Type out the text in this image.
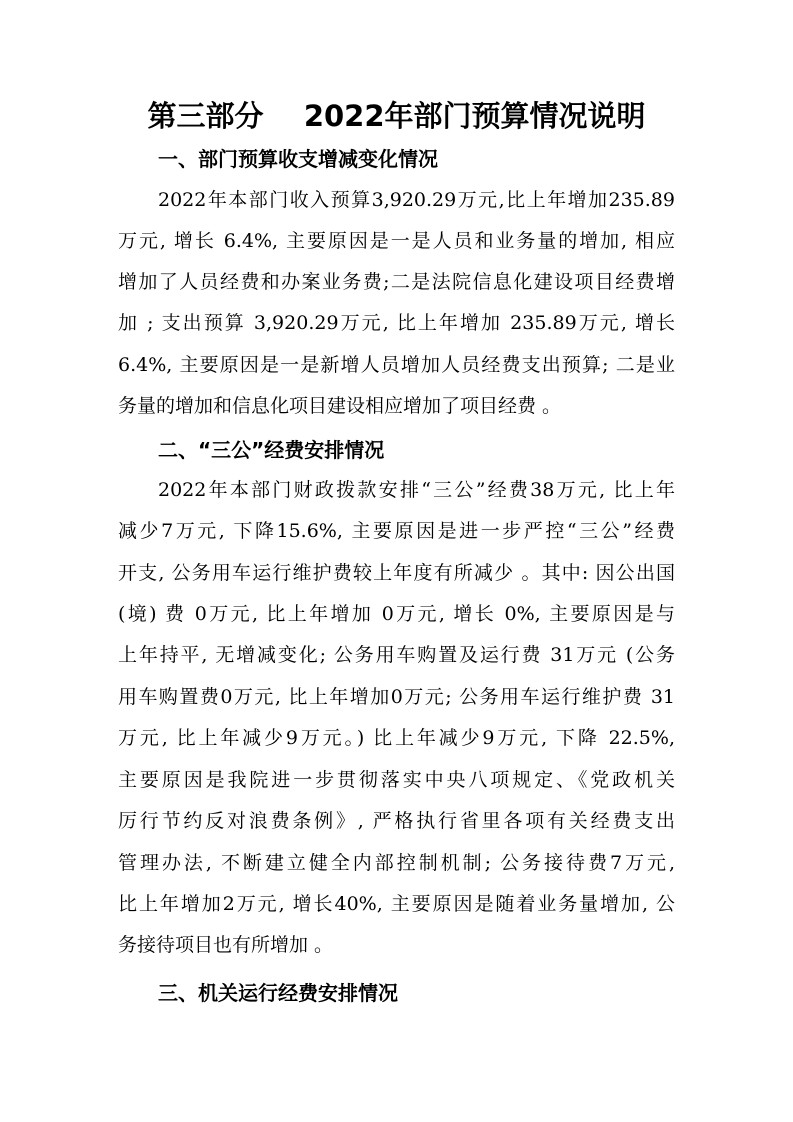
第三部分    2022年部门预算情况说明
一、部门预算收支增减变化情况

2022年本部门收入预算3,920.29万元,比上年增加235.89

万元, 增长 6.4%, 主要原因是一是人员和业务量的增加, 相应

增加了人员经费和办案业务费;二是法院信息化建设项目经费增

加 ; 支出预算 3,920.29万元, 比上年增加 235.89万元, 增长

6.4%, 主要原因是一是新增人员增加人员经费支出预算; 二是业

务量的增加和信息化项目建设相应增加了项目经费 。

二、“三公”经费安排情况

2022年本部门财政拨款安排“三公”经费38万元, 比上年

减少7万元, 下降15.6%, 主要原因是进一步严控“三公”经费

开支, 公务用车运行维护费较上年度有所减少 。其中: 因公出国

(境) 费 0万元, 比上年增加 0万元, 增长 0%, 主要原因是与

上年持平, 无增减变化; 公务用车购置及运行费 31万元 (公务

用车购置费0万元, 比上年增加0万元; 公务用车运行维护费 31

万元, 比上年减少9万元。) 比上年减少9万元, 下降 22.5%,

主要原因是我院进一步贯彻落实中央八项规定、《党政机关

厉行节约反对浪费条例》, 严格执行省里各项有关经费支出

管理办法, 不断建立健全内部控制机制; 公务接待费7万元,

比上年增加2万元, 增长40%, 主要原因是随着业务量增加, 公

务接待项目也有所增加 。

三、机关运行经费安排情况
